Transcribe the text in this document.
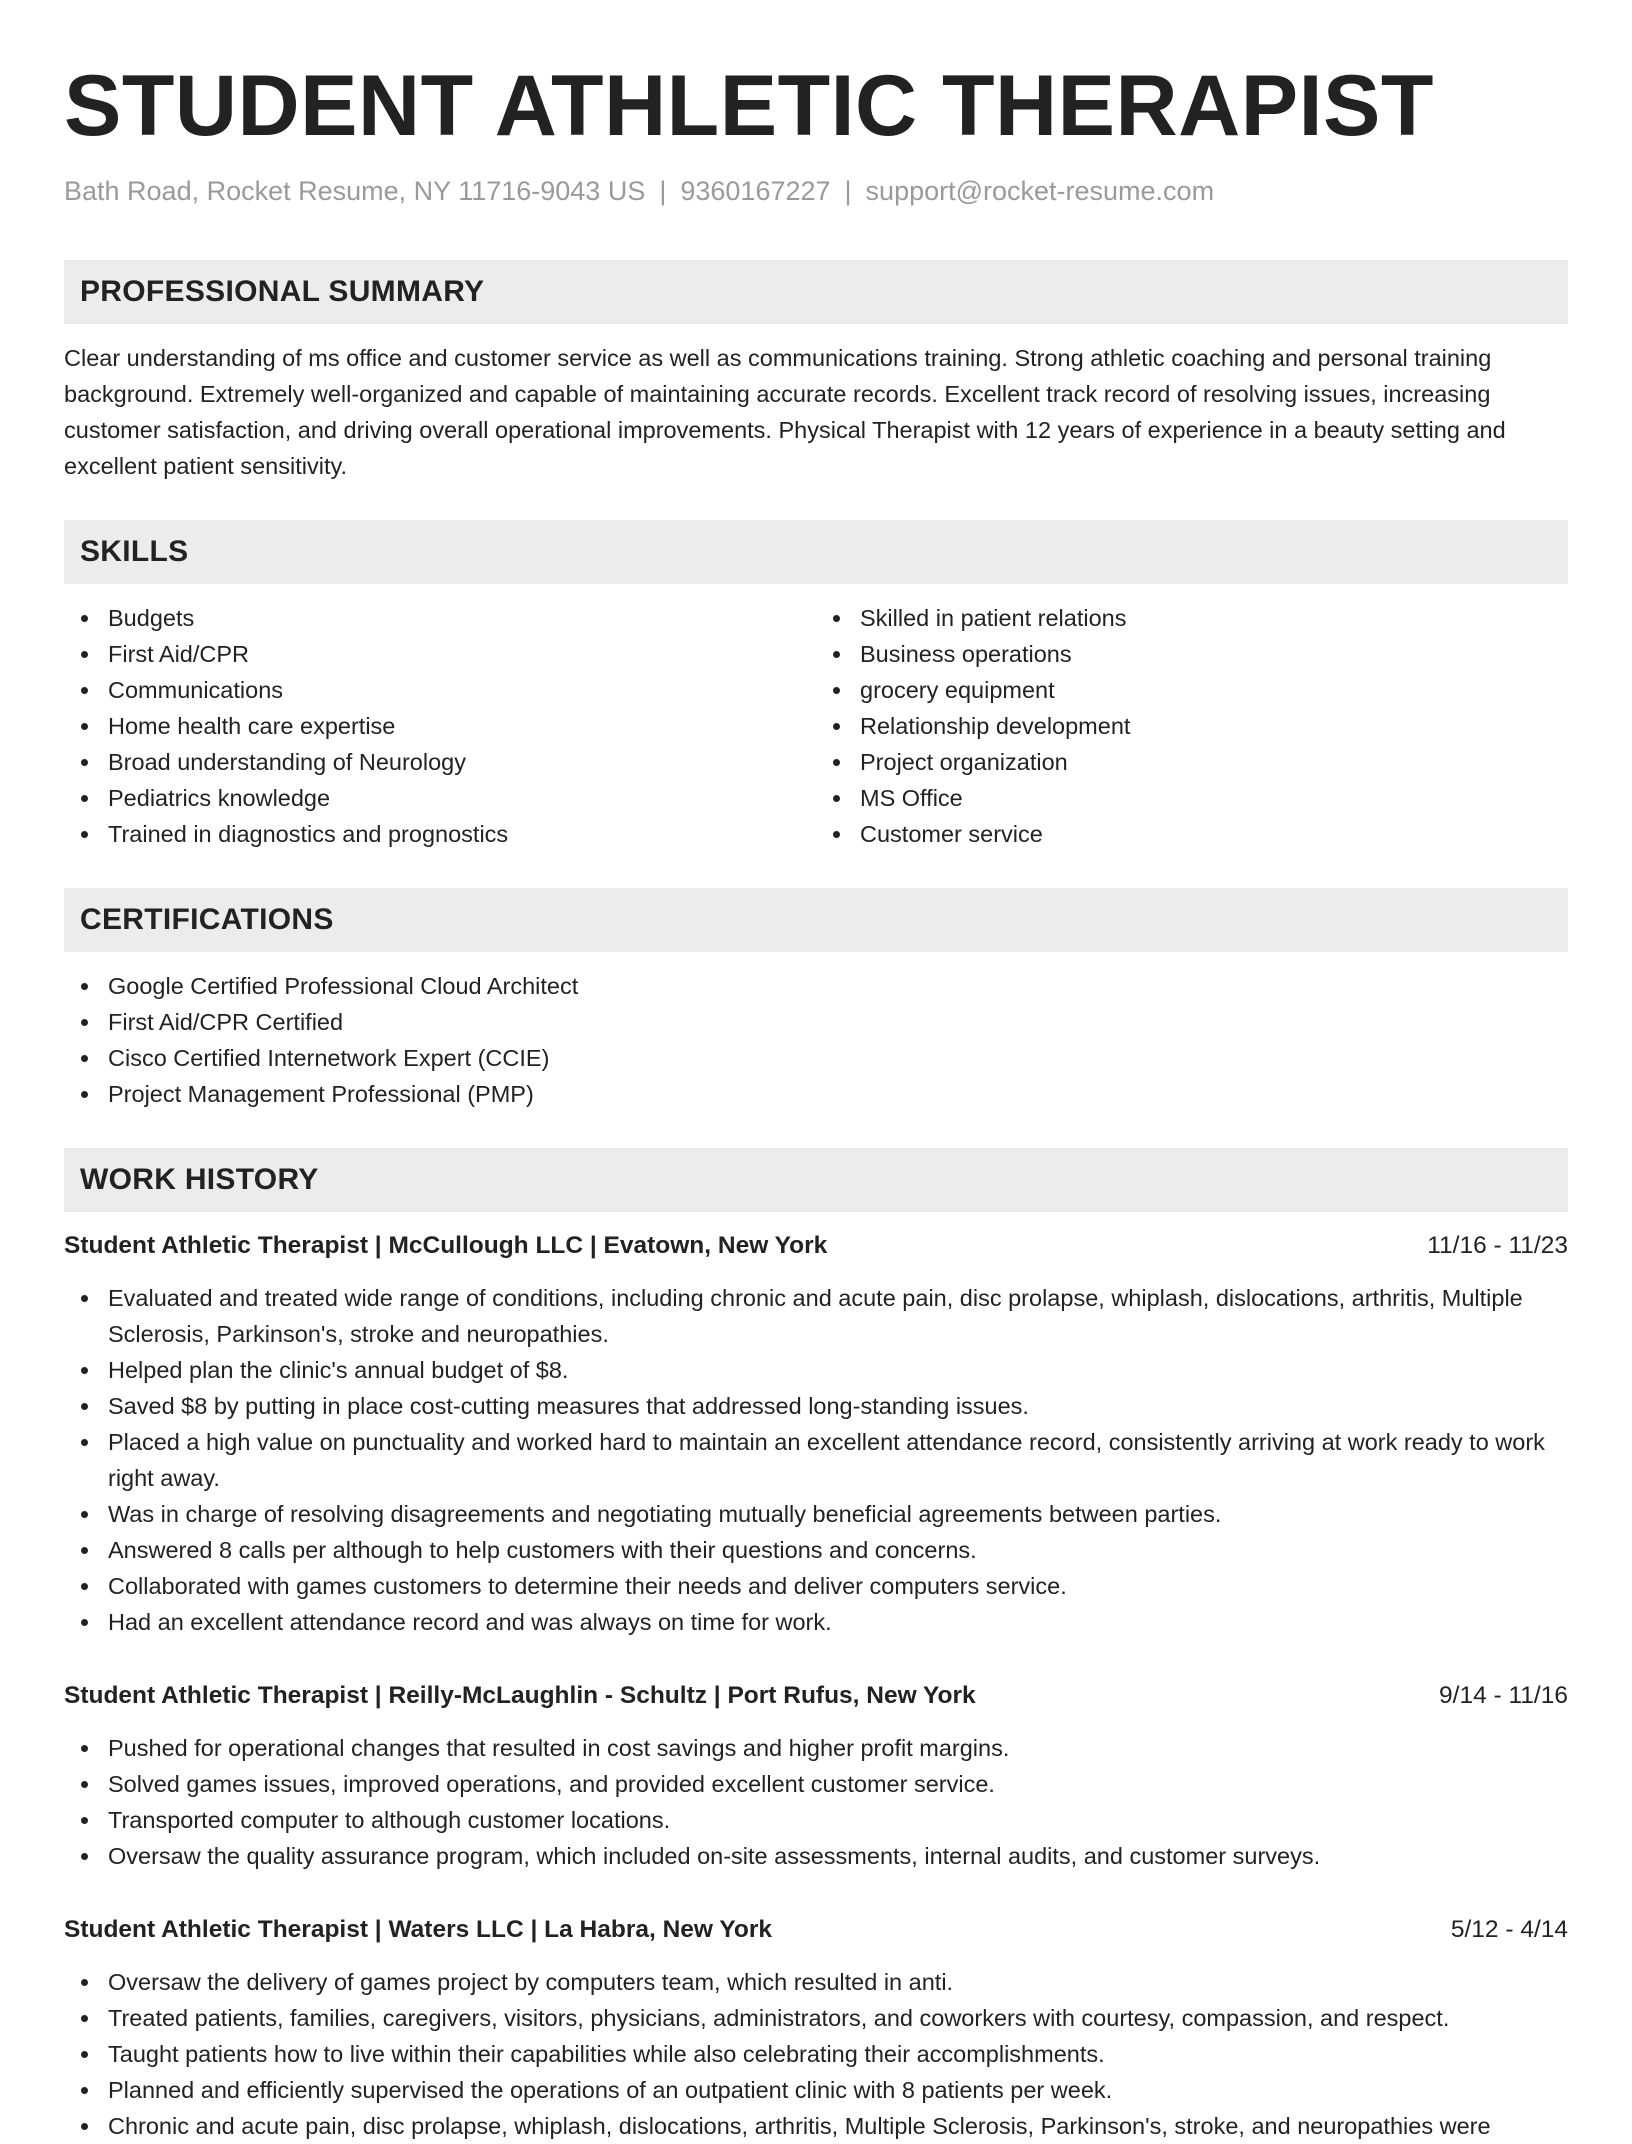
STUDENT ATHLETIC THERAPIST
Bath Road, Rocket Resume, NY 11716-9043 US | 9360167227 | support@rocket-resume.com
PROFESSIONAL SUMMARY

Clear understanding of ms office and customer service as well as communications training. Strong athletic coaching and personal training background. Extremely well-organized and capable of maintaining accurate records. Excellent track record of resolving issues, increasing customer satisfaction, and driving overall operational improvements. Physical Therapist with 12 years of experience in a beauty setting and excellent patient sensitivity.

SKILLS
Budgets
First Aid/CPR
Communications
Home health care expertise
Broad understanding of Neurology
Pediatrics knowledge
Trained in diagnostics and prognostics
Skilled in patient relations
Business operations
grocery equipment
Relationship development
Project organization
MS Office
Customer service
CERTIFICATIONS
Google Certified Professional Cloud Architect
First Aid/CPR Certified
Cisco Certified Internetwork Expert (CCIE)
Project Management Professional (PMP)
WORK HISTORY
Student Athletic Therapist | McCullough LLC | Evatown, New York	11/16 - 11/23
Evaluated and treated wide range of conditions, including chronic and acute pain, disc prolapse, whiplash, dislocations, arthritis, Multiple Sclerosis, Parkinson's, stroke and neuropathies.
Helped plan the clinic's annual budget of $8.
Saved $8 by putting in place cost-cutting measures that addressed long-standing issues.
Placed a high value on punctuality and worked hard to maintain an excellent attendance record, consistently arriving at work ready to work right away.
Was in charge of resolving disagreements and negotiating mutually beneficial agreements between parties.
Answered 8 calls per although to help customers with their questions and concerns.
Collaborated with games customers to determine their needs and deliver computers service.
Had an excellent attendance record and was always on time for work.
Student Athletic Therapist | Reilly-McLaughlin - Schultz | Port Rufus, New York	9/14 - 11/16
Pushed for operational changes that resulted in cost savings and higher profit margins.
Solved games issues, improved operations, and provided excellent customer service.
Transported computer to although customer locations.
Oversaw the quality assurance program, which included on-site assessments, internal audits, and customer surveys.
Student Athletic Therapist | Waters LLC | La Habra, New York	5/12 - 4/14
Oversaw the delivery of games project by computers team, which resulted in anti.
Treated patients, families, caregivers, visitors, physicians, administrators, and coworkers with courtesy, compassion, and respect.
Taught patients how to live within their capabilities while also celebrating their accomplishments.
Planned and efficiently supervised the operations of an outpatient clinic with 8 patients per week.
Chronic and acute pain, disc prolapse, whiplash, dislocations, arthritis, Multiple Sclerosis, Parkinson's, stroke, and neuropathies were
